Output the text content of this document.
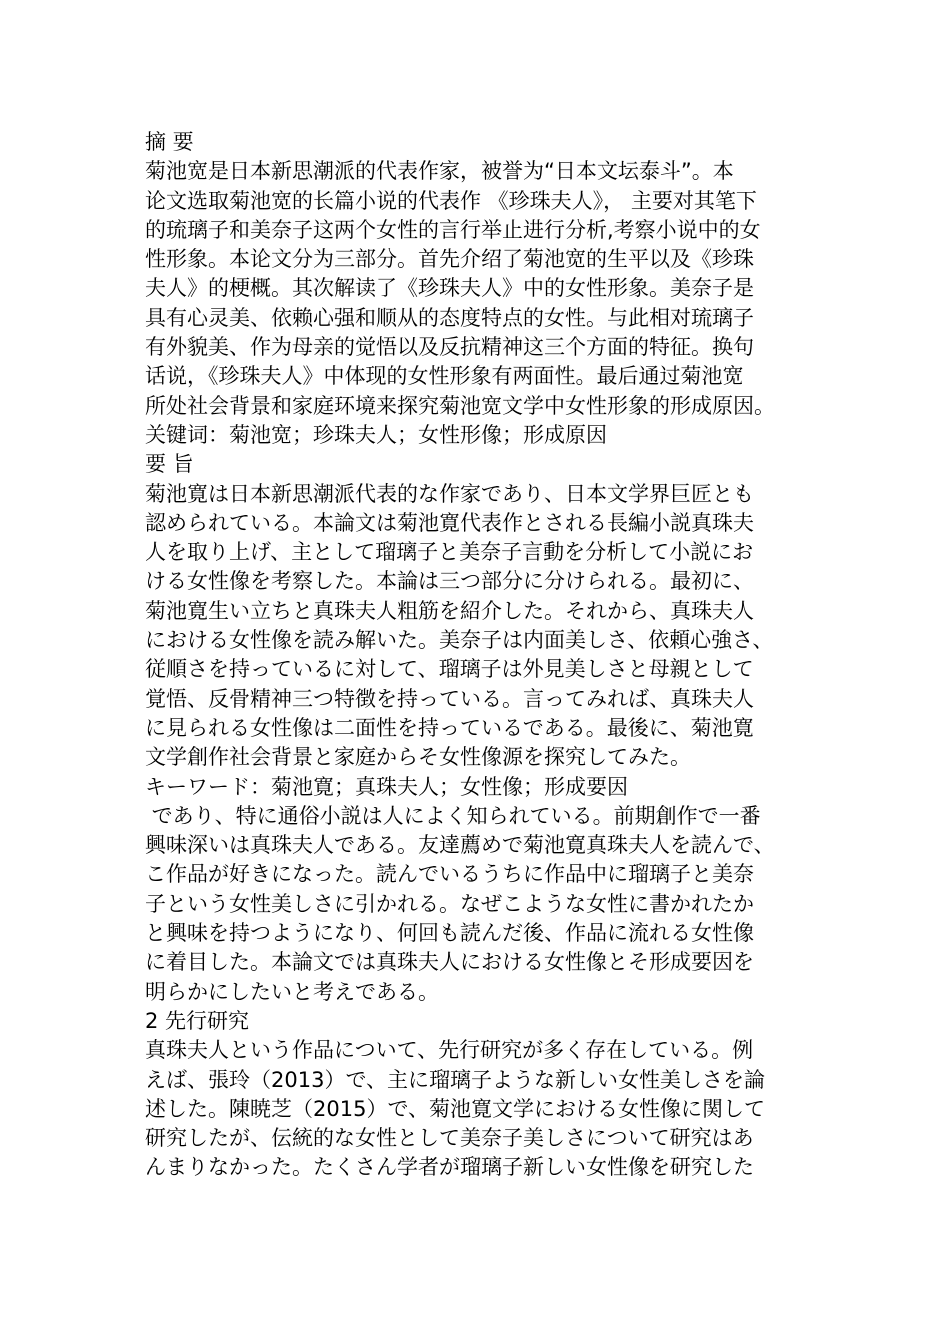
摘 要
菊池宽是日本新思潮派的代表作家，被誉为“日本文坛泰斗”。本
论文选取菊池宽的长篇小说的代表作 《珍珠夫人》， 主要对其笔下
的琉璃子和美奈子这两个女性的言行举止进行分析,考察小说中的女
性形象。本论文分为三部分。首先介绍了菊池宽的生平以及《珍珠
夫人》的梗概。其次解读了《珍珠夫人》中的女性形象。美奈子是
具有心灵美、依赖心强和顺从的态度特点的女性。与此相对琉璃子
有外貌美、作为母亲的觉悟以及反抗精神这三个方面的特征。换句
话说，《珍珠夫人》中体现的女性形象有两面性。最后通过菊池宽
所处社会背景和家庭环境来探究菊池宽文学中女性形象的形成原因。
关键词：菊池宽；珍珠夫人；女性形像；形成原因
要 旨
菊池寛は日本新思潮派代表的な作家であり、日本文学界巨匠とも
認められている。本論文は菊池寛代表作とされる長編小説真珠夫
人を取り上げ、主として瑠璃子と美奈子言動を分析して小説にお
ける女性像を考察した。本論は三つ部分に分けられる。最初に、
菊池寛生い立ちと真珠夫人粗筋を紹介した。それから、真珠夫人
における女性像を読み解いた。美奈子は内面美しさ、依頼心強さ、
従順さを持っているに対して、瑠璃子は外見美しさと母親として
覚悟、反骨精神三つ特徴を持っている。言ってみれば、真珠夫人
に見られる女性像は二面性を持っているである。最後に、菊池寛
文学創作社会背景と家庭からそ女性像源を探究してみた。
キーワード：菊池寛；真珠夫人；女性像；形成要因
であり、特に通俗小説は人によく知られている。前期創作で一番
興味深いは真珠夫人である。友達薦めで菊池寛真珠夫人を読んで、
こ作品が好きになった。読んでいるうちに作品中に瑠璃子と美奈
子という女性美しさに引かれる。なぜこような女性に書かれたか
と興味を持つようになり、何回も読んだ後、作品に流れる女性像
に着目した。本論文では真珠夫人における女性像とそ形成要因を
明らかにしたいと考えである。
2 先行研究
真珠夫人という作品について、先行研究が多く存在している。例
えば、張玲（2013）で、主に瑠璃子ような新しい女性美しさを論
述した。陳暁芝（2015）で、菊池寛文学における女性像に関して
研究したが、伝統的な女性として美奈子美しさについて研究はあ
んまりなかった。たくさん学者が瑠璃子新しい女性像を研究した
